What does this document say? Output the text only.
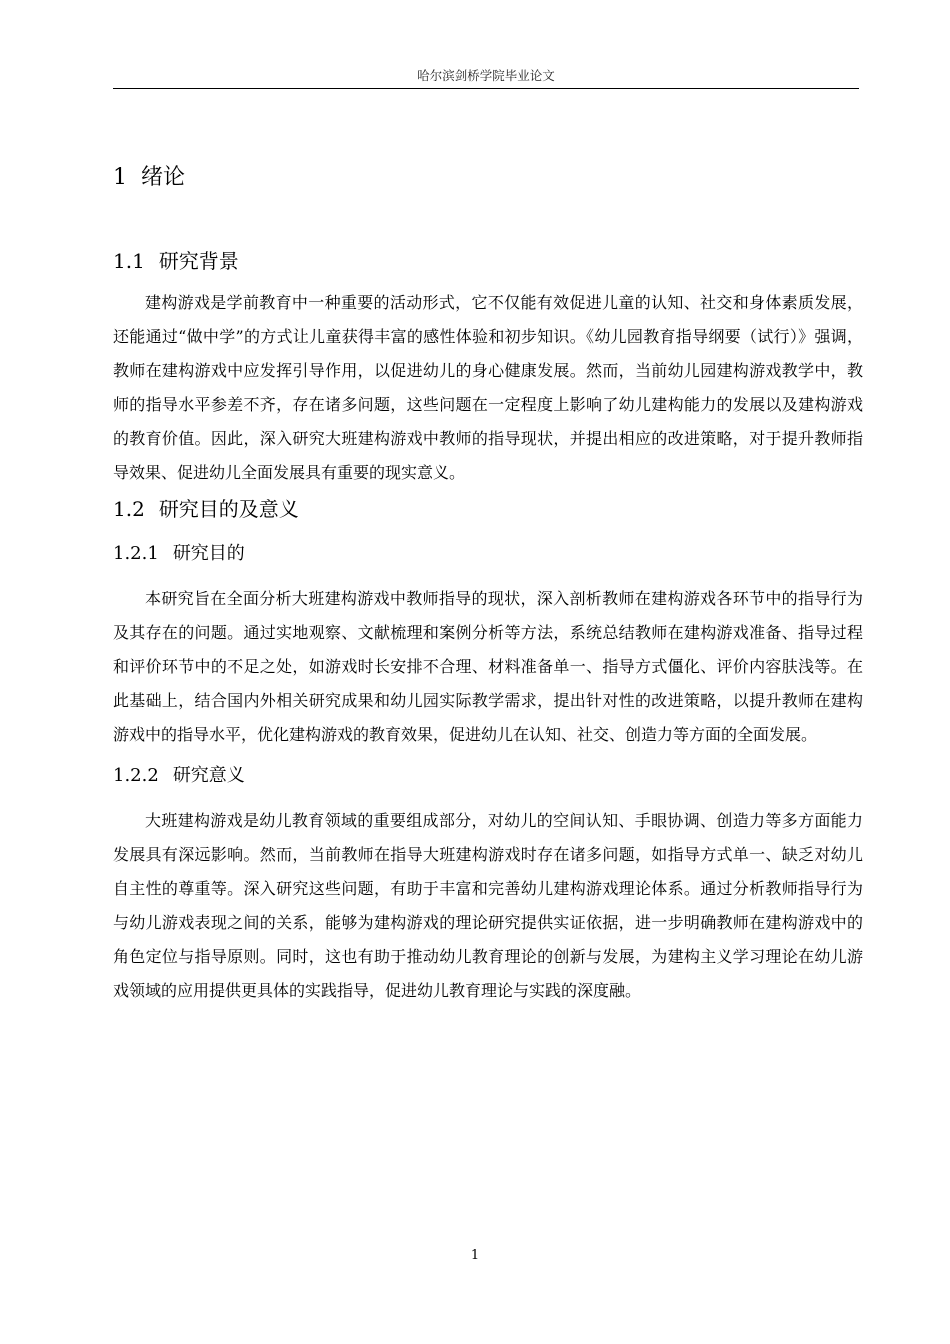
哈尔滨剑桥学院毕业论文
1 绪论
1.1 研究背景

建构游戏是学前教育中一种重要的活动形式，它不仅能有效促进儿童的认知、社交和身体素质发展，还能通过“做中学”的方式让儿童获得丰富的感性体验和初步知识。《幼儿园教育指导纲要（试行）》强调，教师在建构游戏中应发挥引导作用，以促进幼儿的身心健康发展。然而，当前幼儿园建构游戏教学中，教师的指导水平参差不齐，存在诸多问题，这些问题在一定程度上影响了幼儿建构能力的发展以及建构游戏的教育价值。因此，深入研究大班建构游戏中教师的指导现状，并提出相应的改进策略，对于提升教师指导效果、促进幼儿全面发展具有重要的现实意义。

1.2 研究目的及意义
1.2.1 研究目的

本研究旨在全面分析大班建构游戏中教师指导的现状，深入剖析教师在建构游戏各环节中的指导行为及其存在的问题。通过实地观察、文献梳理和案例分析等方法，系统总结教师在建构游戏准备、指导过程和评价环节中的不足之处，如游戏时长安排不合理、材料准备单一、指导方式僵化、评价内容肤浅等。在此基础上，结合国内外相关研究成果和幼儿园实际教学需求，提出针对性的改进策略，以提升教师在建构游戏中的指导水平，优化建构游戏的教育效果，促进幼儿在认知、社交、创造力等方面的全面发展。

1.2.2 研究意义

大班建构游戏是幼儿教育领域的重要组成部分，对幼儿的空间认知、手眼协调、创造力等多方面能力发展具有深远影响。然而，当前教师在指导大班建构游戏时存在诸多问题，如指导方式单一、缺乏对幼儿自主性的尊重等。深入研究这些问题，有助于丰富和完善幼儿建构游戏理论体系。通过分析教师指导行为与幼儿游戏表现之间的关系，能够为建构游戏的理论研究提供实证依据，进一步明确教师在建构游戏中的角色定位与指导原则。同时，这也有助于推动幼儿教育理论的创新与发展，为建构主义学习理论在幼儿游戏领域的应用提供更具体的实践指导，促进幼儿教育理论与实践的深度融。

1
